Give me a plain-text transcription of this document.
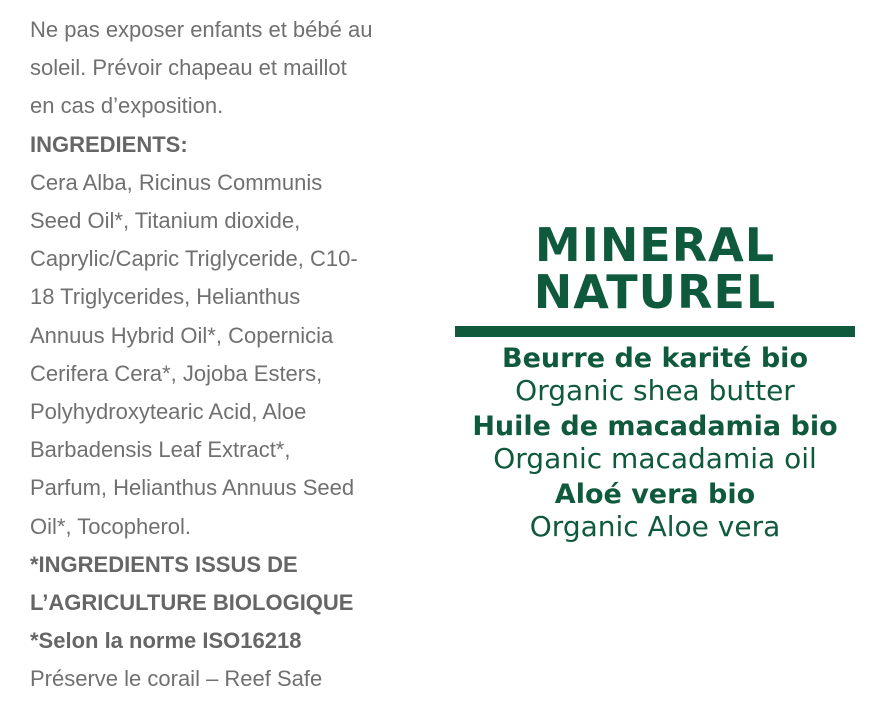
Ne pas exposer enfants et bébé au
soleil. Prévoir chapeau et maillot
en cas d’exposition.
INGREDIENTS:
Cera Alba, Ricinus Communis
Seed Oil*, Titanium dioxide,
Caprylic/Capric Triglyceride, C10-
18 Triglycerides, Helianthus
Annuus Hybrid Oil*, Copernicia
Cerifera Cera*, Jojoba Esters,
Polyhydroxytearic Acid, Aloe
Barbadensis Leaf Extract*,
Parfum, Helianthus Annuus Seed
Oil*, Tocopherol.
*INGREDIENTS ISSUS DE
L’AGRICULTURE BIOLOGIQUE
*Selon la norme ISO16218
Préserve le corail – Reef Safe
MINERAL
NATUREL
Beurre de karité bio
Organic shea butter
Huile de macadamia bio
Organic macadamia oil
Aloé vera bio
Organic Aloe vera
